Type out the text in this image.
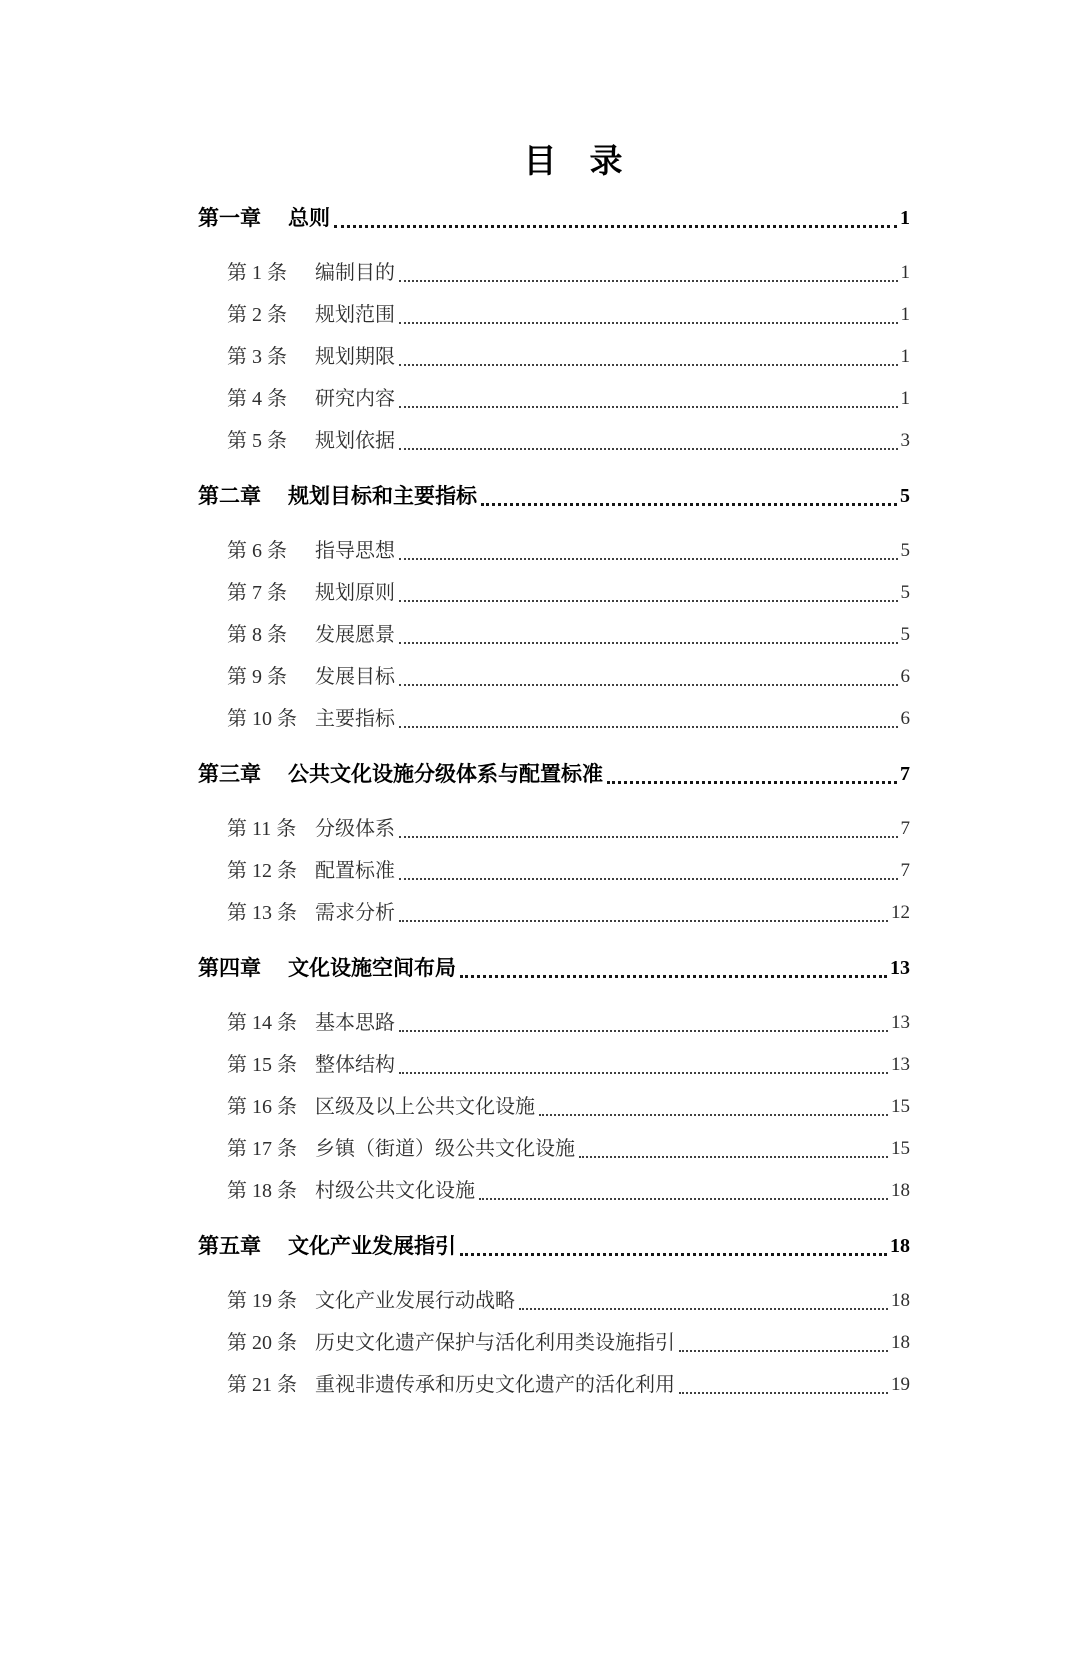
目　录
第一章	总则	1
第 1 条	编制目的	1
第 2 条	规划范围	1
第 3 条	规划期限	1
第 4 条	研究内容	1
第 5 条	规划依据	3
第二章	规划目标和主要指标	5
第 6 条	指导思想	5
第 7 条	规划原则	5
第 8 条	发展愿景	5
第 9 条	发展目标	6
第 10 条 主要指标	6
第三章	公共文化设施分级体系与配置标准	7
第 11 条 分级体系	7
第 12 条 配置标准	7
第 13 条 需求分析	12
第四章	文化设施空间布局	13
第 14 条 基本思路	13
第 15 条 整体结构	13
第 16 条 区级及以上公共文化设施	15
第 17 条 乡镇（街道）级公共文化设施	15
第 18 条 村级公共文化设施	18
第五章	文化产业发展指引	18
第 19 条 文化产业发展行动战略	18
第 20 条 历史文化遗产保护与活化利用类设施指引	18
第 21 条 重视非遗传承和历史文化遗产的活化利用	19
